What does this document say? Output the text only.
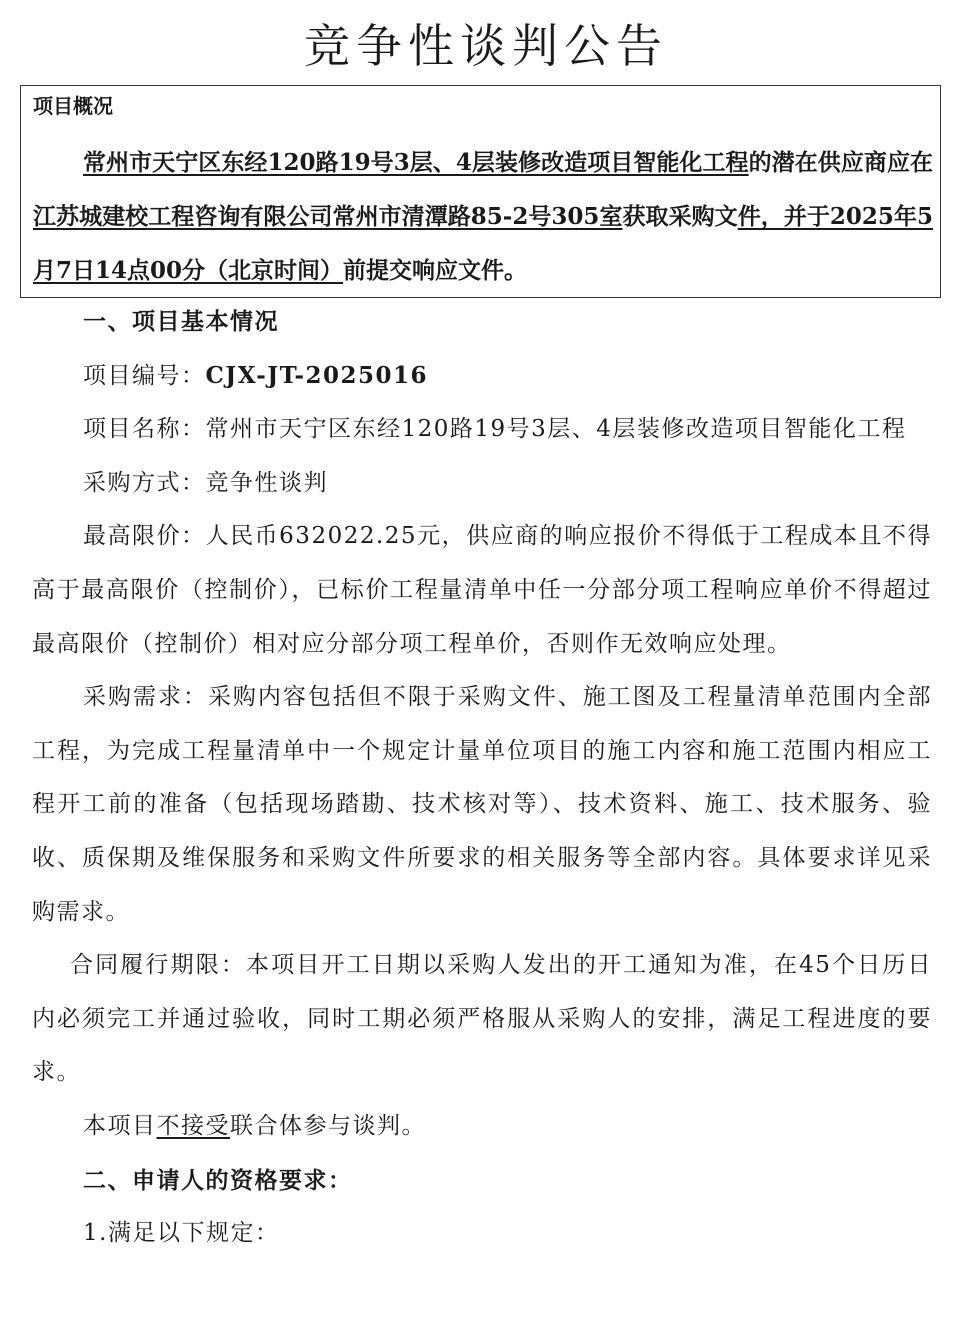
竞争性谈判公告
项目概况
常州市天宁区东经120路19号3层、4层装修改造项目智能化工程的潜在供应商应在江苏城建校工程咨询有限公司常州市清潭路85-2号305室获取采购文件，并于2025年5月7日14点00分（北京时间）前提交响应文件。

一、项目基本情况

项目编号：CJX-JT-2025016

项目名称：常州市天宁区东经120路19号3层、4层装修改造项目智能化工程

采购方式：竞争性谈判

最高限价：人民币632022.25元，供应商的响应报价不得低于工程成本且不得高于最高限价（控制价），已标价工程量清单中任一分部分项工程响应单价不得超过最高限价（控制价）相对应分部分项工程单价，否则作无效响应处理。

采购需求：采购内容包括但不限于采购文件、施工图及工程量清单范围内全部工程，为完成工程量清单中一个规定计量单位项目的施工内容和施工范围内相应工程开工前的准备（包括现场踏勘、技术核对等）、技术资料、施工、技术服务、验收、质保期及维保服务和采购文件所要求的相关服务等全部内容。具体要求详见采购需求。

合同履行期限：本项目开工日期以采购人发出的开工通知为准，在45个日历日内必须完工并通过验收，同时工期必须严格服从采购人的安排，满足工程进度的要求。

本项目不接受联合体参与谈判。

二、申请人的资格要求：

1.满足以下规定：
